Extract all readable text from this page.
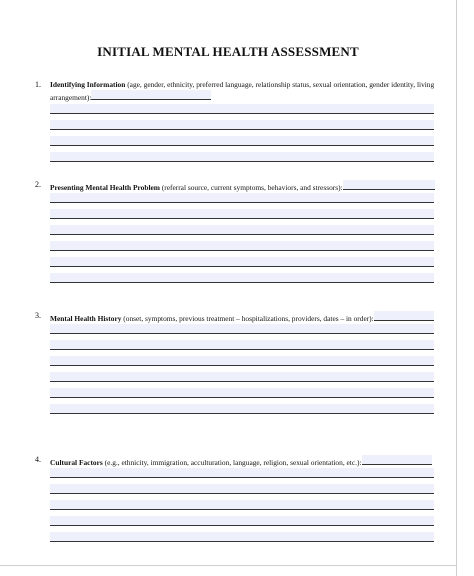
INITIAL MENTAL HEALTH ASSESSMENT
1. Identifying Information (age, gender, ethnicity, preferred language, relationship status, sexual orientation, gender identity, living arrangement):
2. Presenting Mental Health Problem (referral source, current symptoms, behaviors, and stressors):
3. Mental Health History (onset, symptoms, previous treatment – hospitalizations, providers, dates – in order):
4. Cultural Factors (e.g., ethnicity, immigration, acculturation, language, religion, sexual orientation, etc.):
